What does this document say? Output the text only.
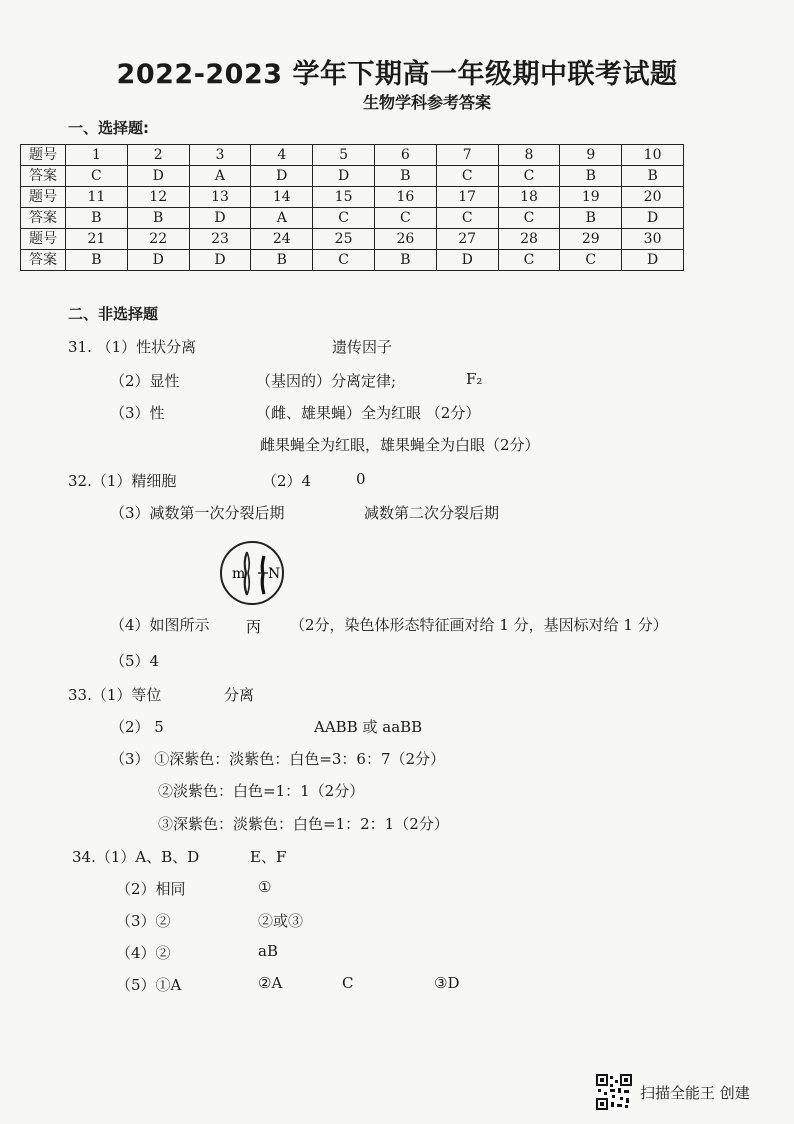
2022-2023 学年下期高一年级期中联考试题
生物学科参考答案
一、选择题:
题号	1	2	3	4	5	6	7	8	9	10
答案	C	D	A	D	D	B	C	C	B	B
题号	11	12	13	14	15	16	17	18	19	20
答案	B	B	D	A	C	C	C	C	B	D
题号	21	22	23	24	25	26	27	28	29	30
答案	B	D	D	B	C	B	D	C	C	D
二、非选择题
31. （1）性状分离	遗传因子
（2）显性	（基因的）分离定律;	F₂
（3）性	（雌、雄果蝇）全为红眼 （2分）
雌果蝇全为红眼，雄果蝇全为白眼（2分）
32.（1）精细胞	（2）4	0
（3）减数第一次分裂后期	减数第二次分裂后期
m N
丙
（4）如图所示	（2分，染色体形态特征画对给 1 分，基因标对给 1 分）
（5）4
33.（1）等位	分离
（2） 5	AABB 或 aaBB
（3） ①深紫色：淡紫色：白色=3：6：7（2分）
②淡紫色：白色=1：1（2分）
③深紫色：淡紫色：白色=1：2：1（2分）
34.（1）A、B、D	E、F
（2）相同	①
（3）②	②或③
（4）②	aB
（5）①A	②A	C	③D
扫描全能王 创建
